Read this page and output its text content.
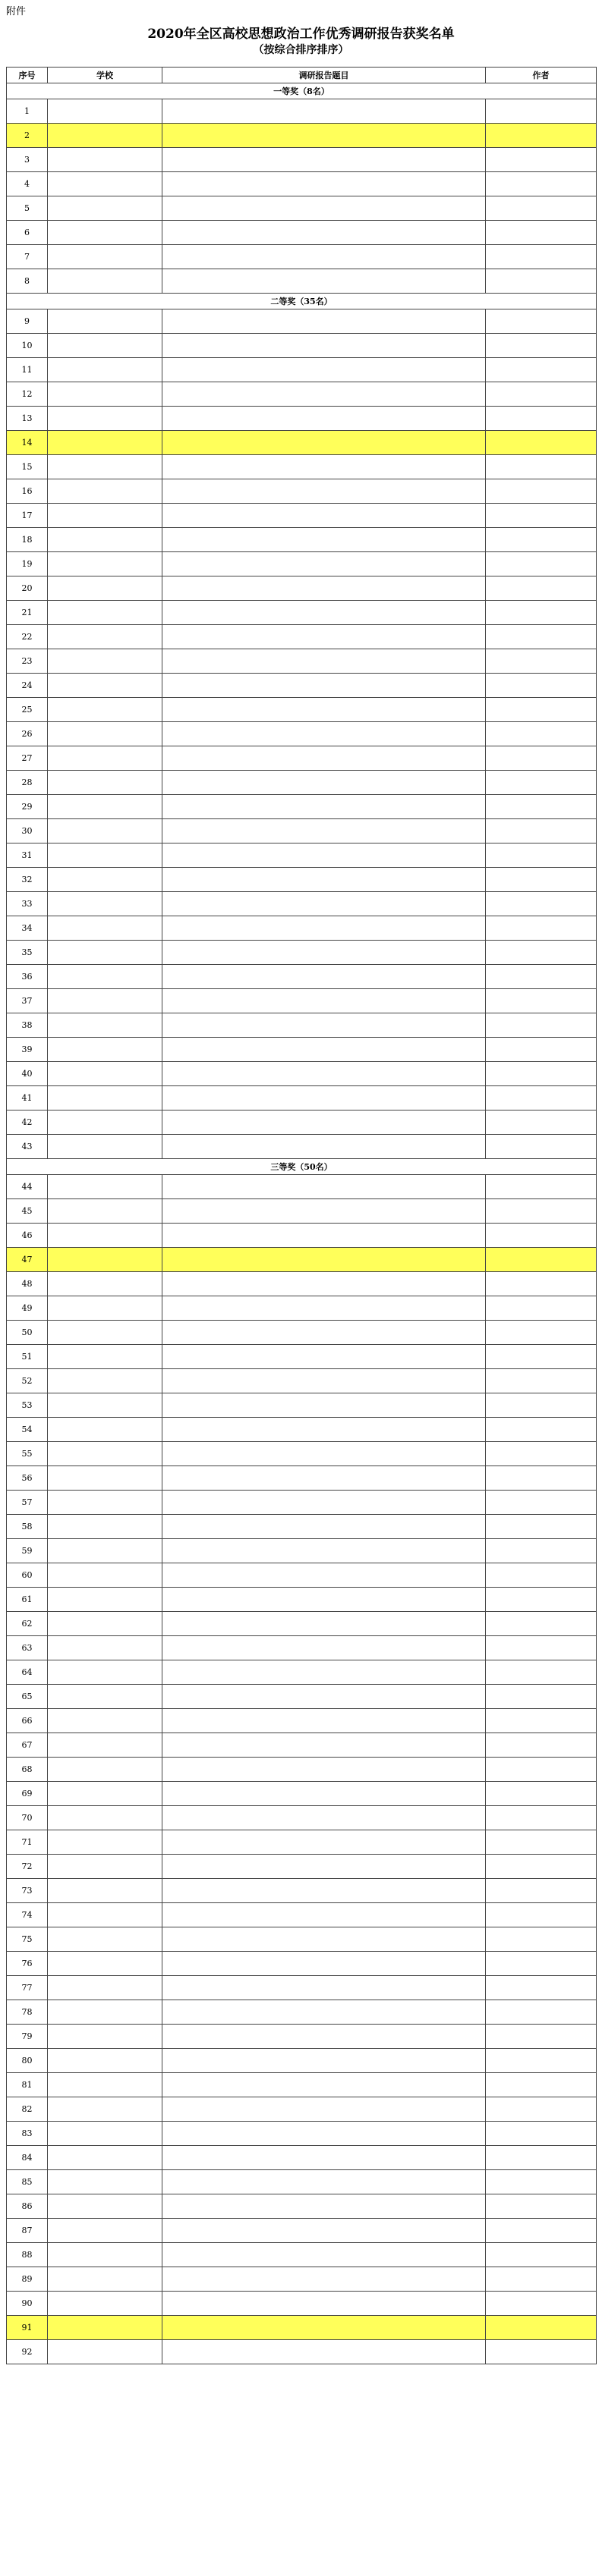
附件
2020年全区高校思想政治工作优秀调研报告获奖名单
（按综合排序排序）
序号	学校	调研报告题目	作者
一等奖（8名）			
1			
2			
3			
4			
5			
6			
7			
8			
二等奖（35名）			
9			
10			
11			
12			
13			
14			
15			
16			
17			
18			
19			
20			
21			
22			
23			
24			
25			
26			
27			
28			
29			
30			
31			
32			
33			
34			
35			
36			
37			
38			
39			
40			
41			
42			
43			
三等奖（50名）			
44			
45			
46			
47			
48			
49			
50			
51			
52			
53			
54			
55			
56			
57			
58			
59			
60			
61			
62			
63			
64			
65			
66			
67			
68			
69			
70			
71			
72			
73			
74			
75			
76			
77			
78			
79			
80			
81			
82			
83			
84			
85			
86			
87			
88			
89			
90			
91			
92			
